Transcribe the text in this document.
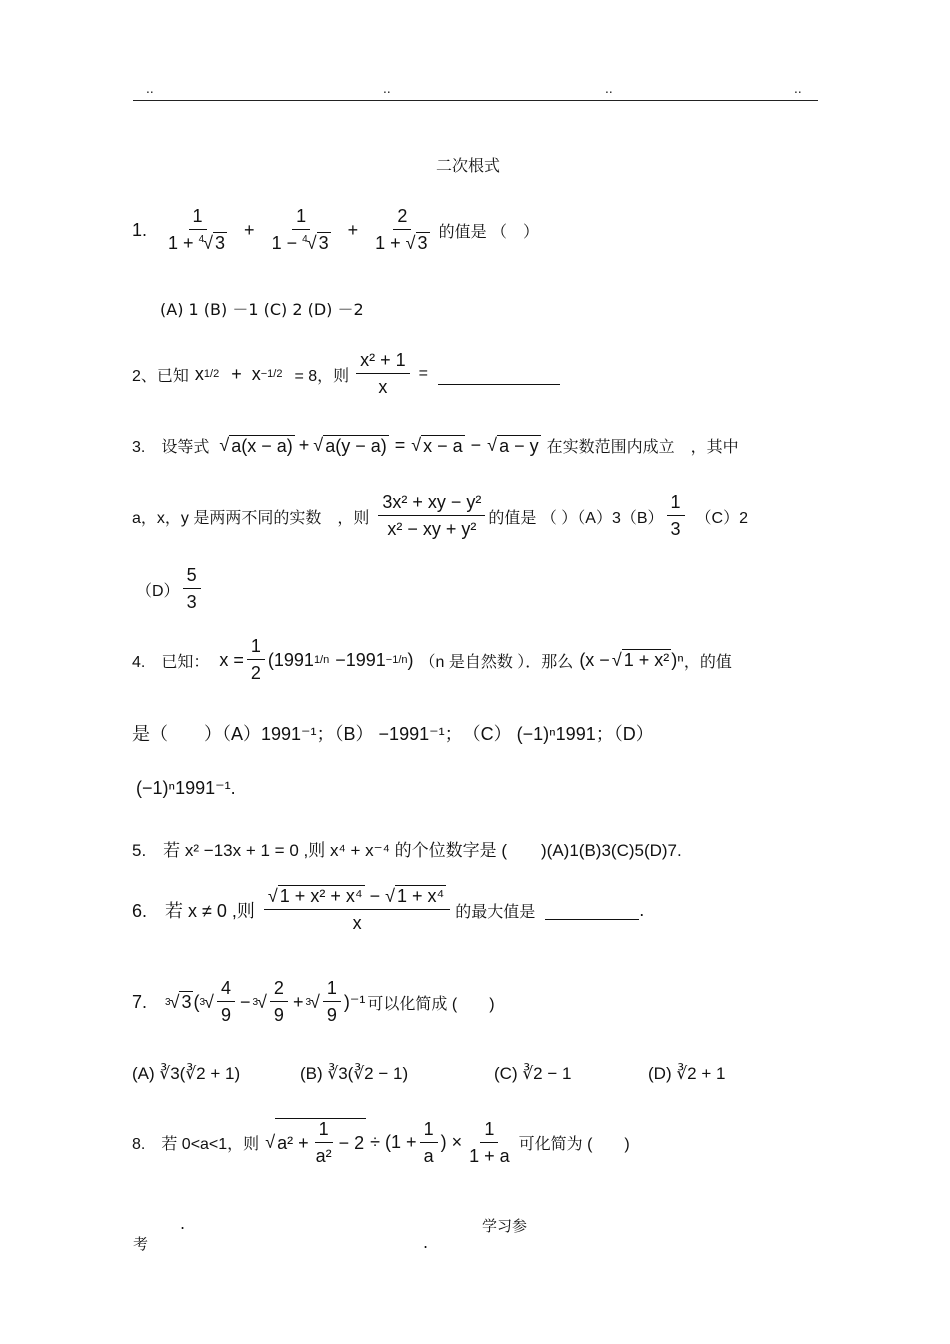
..	..	..	..
二次根式
1. $\frac{1}{1 + ^4√ 3} + \frac{1}{1 - ^4√ 3} + \frac{2}{1 + √ 3}$ 的值是 （　）
(A) 1 (B) －1 (C) 2 (D) －2
2、已知 x 1/2 + x −1/2 = 8，则 $\frac{\text{x² + 1}}{x}$ =
3.　设等式 √ a(x − a) + √ a(y − a) = √ x − a − √ a − y 在实数范围内成立　，其中
a，x，y 是两两不同的实数　，则 $\frac{\text{3x² + xy − y²}}{\text{x² − xy + y²}}$ 的值是 （ ）$(A)3(B) \frac{1}{3} (C)2$
$(D) \frac{5}{3}$
4.　已知： $x = \frac{1}{2} (1991$ 1/n −1991 −1/n ) （n 是自然数 ）．那么 (x − √ 1 + x² )ⁿ ，的值
是（　　）（A）1991⁻¹；（B） −1991⁻¹；　（C） (−1)ⁿ1991；（D）
(−1)ⁿ1991⁻¹.
5.　若 x² −13x + 1 = 0 ,则 x⁴ + x⁻⁴ 的个位数字是 (　　)(A)1(B)3(C)5(D)7.
6.　若 x ≠ 0 ,则 $\frac{\text{√ 1 + x² + x⁴ − √ 1 + x⁴}}{x}$ 的最大值是	.
7. 3 √ 3 ( 3 √ $\frac{4}{9} - 3$ √ $\frac{2}{9} + 3$ √ $\frac{1}{9} )^{-1}$ 可以化简成 (　　)
(A) ∛3(∛2 + 1)	(B) ∛3(∛2 − 1)	(C) ∛2 − 1	(D) ∛2 + 1
8.　若 0<a<1，则 √ $a^2 + \frac{1}{\text{a²}} - 2 \div (1 + \frac{1}{a}$ ) × $\frac{1}{1 + a}$ 可化简为 (　　)
.	学习参
考	.
